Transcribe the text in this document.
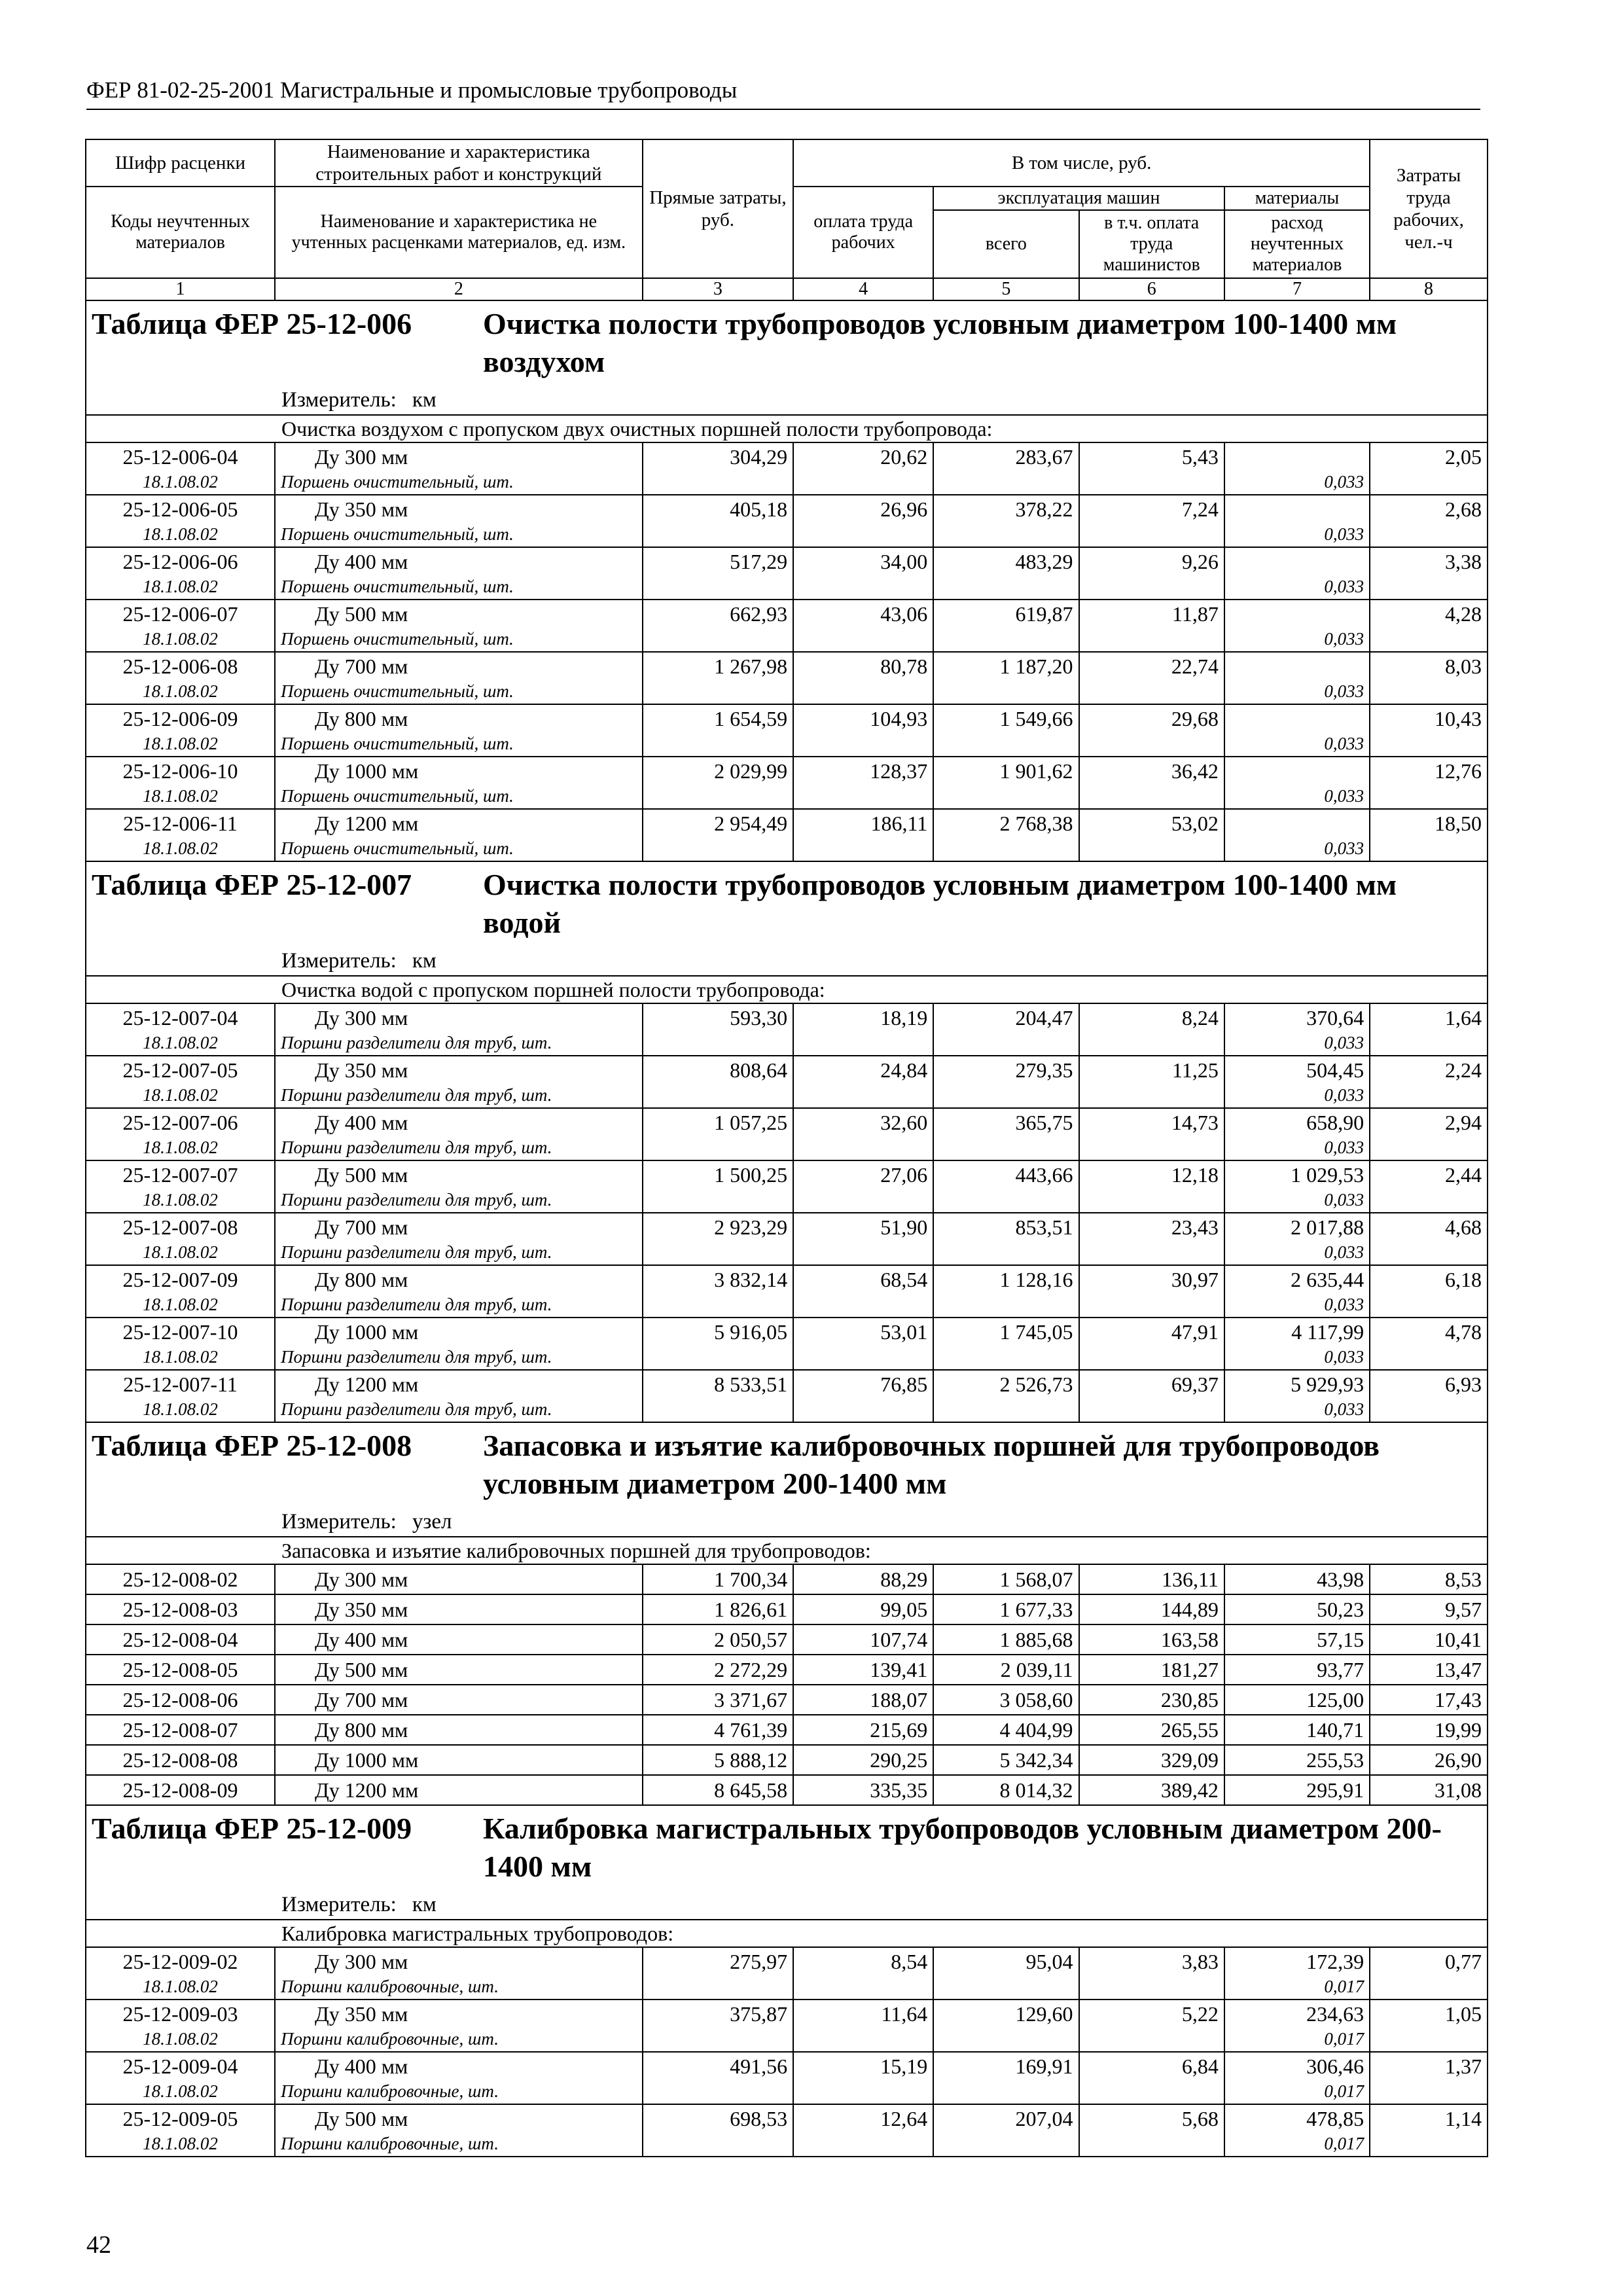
ФЕР 81-02-25-2001 Магистральные и промысловые трубопроводы
Шифр расценки	Наименование и характеристика строительных работ и конструкций	Прямые затраты, руб.	В том числе, руб.				Затраты труда рабочих, чел.-ч
Коды неучтенных материалов	Наименование и характеристика не учтенных расценками материалов, ед. изм.		оплата труда рабочих	эксплуатация машин		материалы	
				всего	в т.ч. оплата труда машинистов	расход неучтенных материалов	
1	2	3	4	5	6	7	8
Таблица ФЕР 25-12-006 Очистка полости трубопроводов условным диаметром 100-1400 мм воздухом							
Измеритель: км							
Очистка воздухом с пропуском двух очистных поршней полости трубопровода:							
25-12-006-04	Ду 300 мм	304,29	20,62	283,67	5,43		2,05
18.1.08.02	Поршень очистительный, шт.					0,033	
25-12-006-05	Ду 350 мм	405,18	26,96	378,22	7,24		2,68
18.1.08.02	Поршень очистительный, шт.					0,033	
25-12-006-06	Ду 400 мм	517,29	34,00	483,29	9,26		3,38
18.1.08.02	Поршень очистительный, шт.					0,033	
25-12-006-07	Ду 500 мм	662,93	43,06	619,87	11,87		4,28
18.1.08.02	Поршень очистительный, шт.					0,033	
25-12-006-08	Ду 700 мм	1 267,98	80,78	1 187,20	22,74		8,03
18.1.08.02	Поршень очистительный, шт.					0,033	
25-12-006-09	Ду 800 мм	1 654,59	104,93	1 549,66	29,68		10,43
18.1.08.02	Поршень очистительный, шт.					0,033	
25-12-006-10	Ду 1000 мм	2 029,99	128,37	1 901,62	36,42		12,76
18.1.08.02	Поршень очистительный, шт.					0,033	
25-12-006-11	Ду 1200 мм	2 954,49	186,11	2 768,38	53,02		18,50
18.1.08.02	Поршень очистительный, шт.					0,033	
Таблица ФЕР 25-12-007 Очистка полости трубопроводов условным диаметром 100-1400 мм водой							
Измеритель: км							
Очистка водой с пропуском поршней полости трубопровода:							
25-12-007-04	Ду 300 мм	593,30	18,19	204,47	8,24	370,64	1,64
18.1.08.02	Поршни разделители для труб, шт.					0,033	
25-12-007-05	Ду 350 мм	808,64	24,84	279,35	11,25	504,45	2,24
18.1.08.02	Поршни разделители для труб, шт.					0,033	
25-12-007-06	Ду 400 мм	1 057,25	32,60	365,75	14,73	658,90	2,94
18.1.08.02	Поршни разделители для труб, шт.					0,033	
25-12-007-07	Ду 500 мм	1 500,25	27,06	443,66	12,18	1 029,53	2,44
18.1.08.02	Поршни разделители для труб, шт.					0,033	
25-12-007-08	Ду 700 мм	2 923,29	51,90	853,51	23,43	2 017,88	4,68
18.1.08.02	Поршни разделители для труб, шт.					0,033	
25-12-007-09	Ду 800 мм	3 832,14	68,54	1 128,16	30,97	2 635,44	6,18
18.1.08.02	Поршни разделители для труб, шт.					0,033	
25-12-007-10	Ду 1000 мм	5 916,05	53,01	1 745,05	47,91	4 117,99	4,78
18.1.08.02	Поршни разделители для труб, шт.					0,033	
25-12-007-11	Ду 1200 мм	8 533,51	76,85	2 526,73	69,37	5 929,93	6,93
18.1.08.02	Поршни разделители для труб, шт.					0,033	
Таблица ФЕР 25-12-008 Запасовка и изъятие калибровочных поршней для трубопроводов условным диаметром 200-1400 мм							
Измеритель: узел							
Запасовка и изъятие калибровочных поршней для трубопроводов:							
25-12-008-02	Ду 300 мм	1 700,34	88,29	1 568,07	136,11	43,98	8,53
25-12-008-03	Ду 350 мм	1 826,61	99,05	1 677,33	144,89	50,23	9,57
25-12-008-04	Ду 400 мм	2 050,57	107,74	1 885,68	163,58	57,15	10,41
25-12-008-05	Ду 500 мм	2 272,29	139,41	2 039,11	181,27	93,77	13,47
25-12-008-06	Ду 700 мм	3 371,67	188,07	3 058,60	230,85	125,00	17,43
25-12-008-07	Ду 800 мм	4 761,39	215,69	4 404,99	265,55	140,71	19,99
25-12-008-08	Ду 1000 мм	5 888,12	290,25	5 342,34	329,09	255,53	26,90
25-12-008-09	Ду 1200 мм	8 645,58	335,35	8 014,32	389,42	295,91	31,08
Таблица ФЕР 25-12-009 Калибровка магистральных трубопроводов условным диаметром 200-1400 мм							
Измеритель: км							
Калибровка магистральных трубопроводов:							
25-12-009-02	Ду 300 мм	275,97	8,54	95,04	3,83	172,39	0,77
18.1.08.02	Поршни калибровочные, шт.					0,017	
25-12-009-03	Ду 350 мм	375,87	11,64	129,60	5,22	234,63	1,05
18.1.08.02	Поршни калибровочные, шт.					0,017	
25-12-009-04	Ду 400 мм	491,56	15,19	169,91	6,84	306,46	1,37
18.1.08.02	Поршни калибровочные, шт.					0,017	
25-12-009-05	Ду 500 мм	698,53	12,64	207,04	5,68	478,85	1,14
18.1.08.02	Поршни калибровочные, шт.					0,017	
42
